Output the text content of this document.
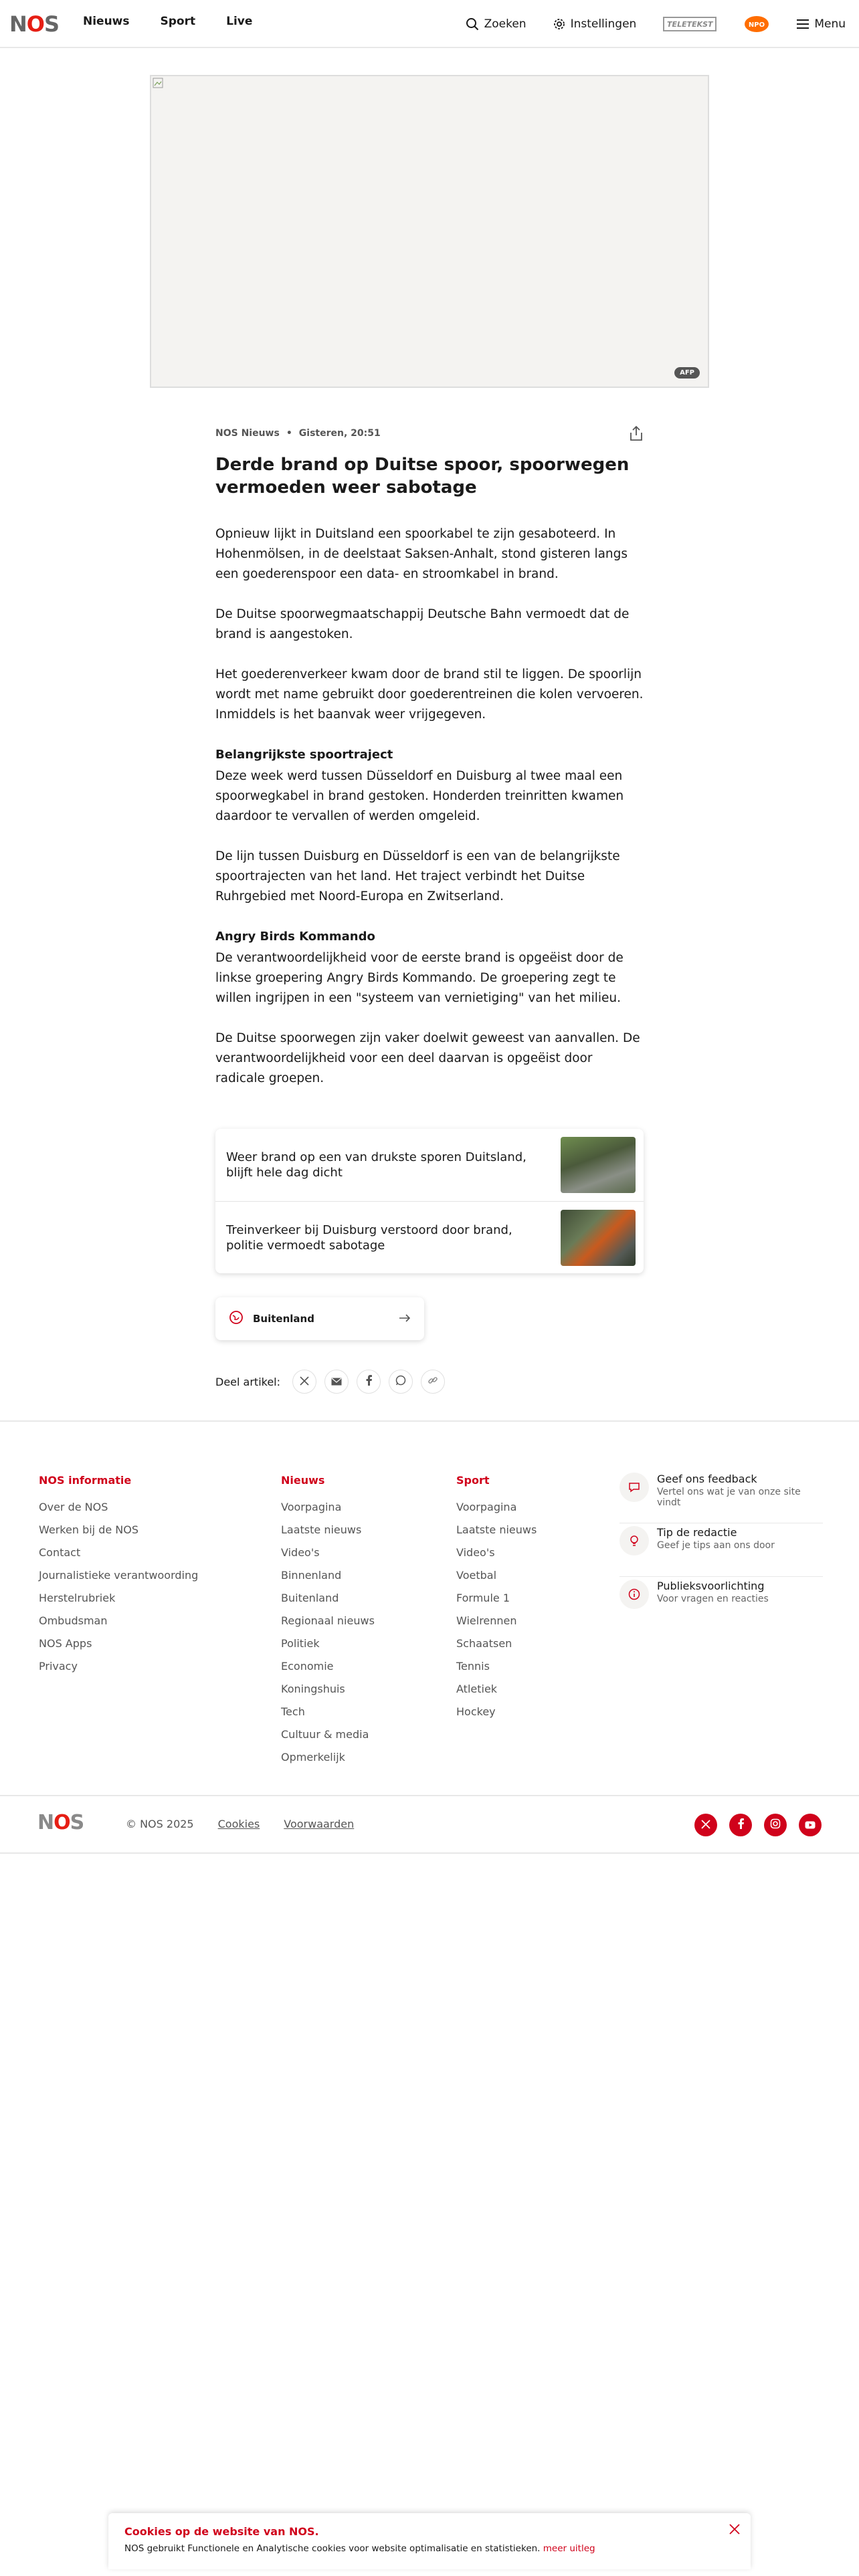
NOS Nieuws	Sport	Live	Zoeken	Instellingen	TELETEKST	NPO	Menu
AFP
NOS Nieuws • Gisteren, 20:51
Derde brand op Duitse spoor, spoorwegen vermoeden weer sabotage

Opnieuw lijkt in Duitsland een spoorkabel te zijn gesaboteerd. In Hohenmölsen, in de deelstaat Saksen-Anhalt, stond gisteren langs een goederenspoor een data- en stroomkabel in brand.

De Duitse spoorwegmaatschappij Deutsche Bahn vermoedt dat de brand is aangestoken.

Het goederenverkeer kwam door de brand stil te liggen. De spoorlijn wordt met name gebruikt door goederentreinen die kolen vervoeren. Inmiddels is het baanvak weer vrijgegeven.

Belangrijkste spoortraject

Deze week werd tussen Düsseldorf en Duisburg al twee maal een spoorwegkabel in brand gestoken. Honderden treinritten kwamen daardoor te vervallen of werden omgeleid.

De lijn tussen Duisburg en Düsseldorf is een van de belangrijkste spoortrajecten van het land. Het traject verbindt het Duitse Ruhrgebied met Noord-Europa en Zwitserland.

Angry Birds Kommando

De verantwoordelijkheid voor de eerste brand is opgeëist door de linkse groepering Angry Birds Kommando. De groepering zegt te willen ingrijpen in een "systeem van vernietiging" van het milieu.

De Duitse spoorwegen zijn vaker doelwit geweest van aanvallen. De verantwoordelijkheid voor een deel daarvan is opgeëist door radicale groepen.

Weer brand op een van drukste sporen Duitsland, blijft hele dag dicht
Treinverkeer bij Duisburg verstoord door brand, politie vermoedt sabotage
Buitenland
Deel artikel:
NOS informatie
Over de NOS
Werken bij de NOS
Contact
Journalistieke verantwoording
Herstelrubriek
Ombudsman
NOS Apps
Privacy
Nieuws
Voorpagina
Laatste nieuws
Video's
Binnenland
Buitenland
Regionaal nieuws
Politiek
Economie
Koningshuis
Tech
Cultuur & media
Opmerkelijk
Sport
Voorpagina
Laatste nieuws
Video's
Voetbal
Formule 1
Wielrennen
Schaatsen
Tennis
Atletiek
Hockey
Geef ons feedback
Vertel ons wat je van onze site vindt
Tip de redactie
Geef je tips aan ons door
Publieksvoorlichting
Voor vragen en reacties
NOS	© NOS 2025 Cookies Voorwaarden
Cookies op de website van NOS.

NOS gebruikt Functionele en Analytische cookies voor website optimalisatie en statistieken. meer uitleg
